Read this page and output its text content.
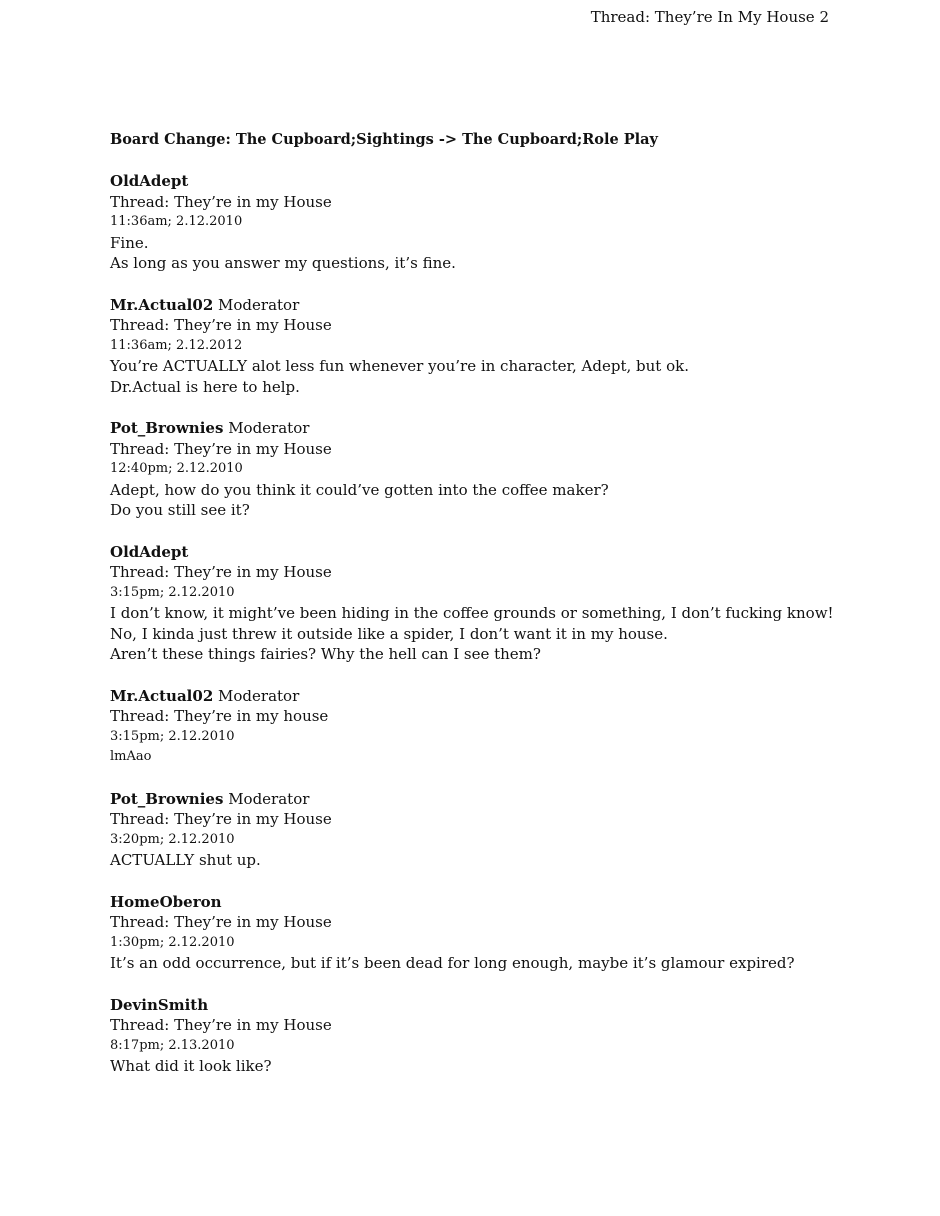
Thread: They’re In My House 2
Board Change: The Cupboard;Sightings -> The Cupboard;Role Play
OldAdept
Thread: They’re in my House
11:36am; 2.12.2010
Fine.
As long as you answer my questions, it’s fine.
Mr.Actual02 Moderator
Thread: They’re in my House
11:36am; 2.12.2012
You’re ACTUALLY alot less fun whenever you’re in character, Adept, but ok.
Dr.Actual is here to help.
Pot_Brownies Moderator
Thread: They’re in my House
12:40pm; 2.12.2010
Adept, how do you think it could’ve gotten into the coffee maker?
Do you still see it?
OldAdept
Thread: They’re in my House
3:15pm; 2.12.2010
I don’t know, it might’ve been hiding in the coffee grounds or something, I don’t fucking know!
No, I kinda just threw it outside like a spider, I don’t want it in my house.
Aren’t these things fairies? Why the hell can I see them?
Mr.Actual02 Moderator
Thread: They’re in my house
3:15pm; 2.12.2010
lmAao
Pot_Brownies Moderator
Thread: They’re in my House
3:20pm; 2.12.2010
ACTUALLY shut up.
HomeOberon
Thread: They’re in my House
1:30pm; 2.12.2010
It’s an odd occurrence, but if it’s been dead for long enough, maybe it’s glamour expired?
DevinSmith
Thread: They’re in my House
8:17pm; 2.13.2010
What did it look like?
